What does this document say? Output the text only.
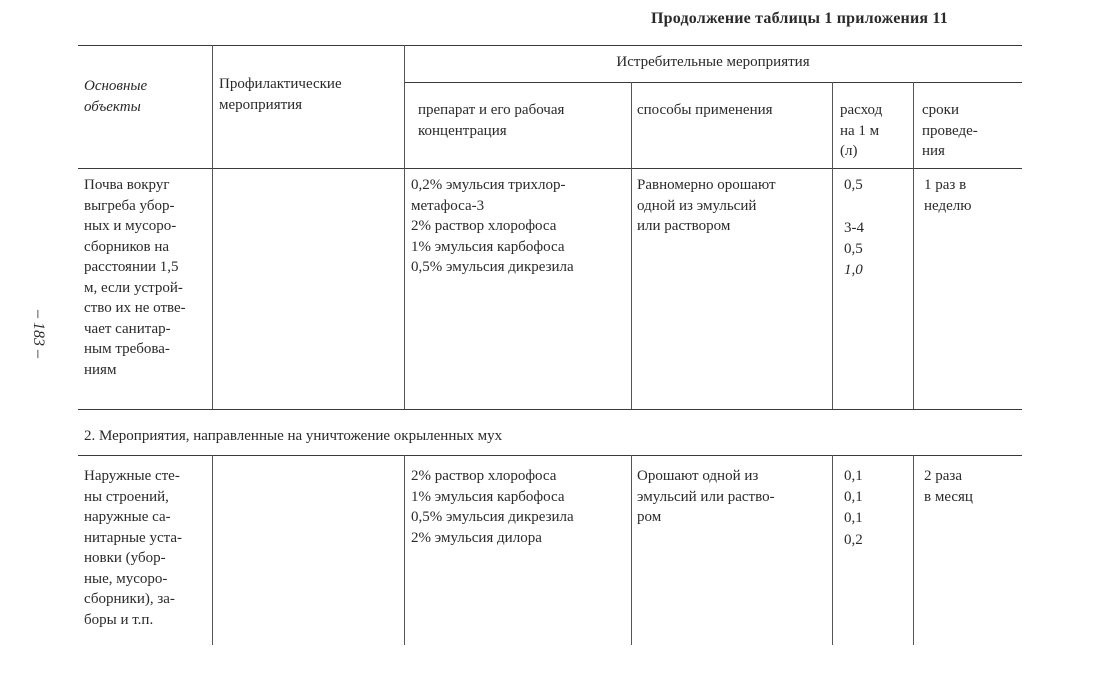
Продолжение таблицы 1 приложения 11
– 183 –
Основные
объекты
Профилактические
мероприятия
Истребительные мероприятия
препарат и его рабочая
концентрация
способы применения	расход
на 1 м
(л)
сроки
проведе-
ния
Почва вокруг
выгреба убор-
ных и мусоро-
сборников на
расстоянии 1,5
м, если устрой-
ство их не отве-
чает санитар-
ным требова-
ниям
0,2% эмульсия трихлор-
метафоса-3
2% раствор хлорофоса
1% эмульсия карбофоса
0,5% эмульсия дикрезила
Равномерно орошают
одной из эмульсий
или раствором
0,5
3-4
0,5
1,0
1 раз в
неделю
2. Мероприятия, направленные на уничтожение окрыленных мух
Наружные сте-
ны строений,
наружные са-
нитарные уста-
новки (убор-
ные, мусоро-
сборники), за-
боры и т.п.
2% раствор хлорофоса
1% эмульсия карбофоса
0,5% эмульсия дикрезила
2% эмульсия дилора
Орошают одной из
эмульсий или раство-
ром
0,1
0,1
0,1
0,2
2 раза
в месяц
